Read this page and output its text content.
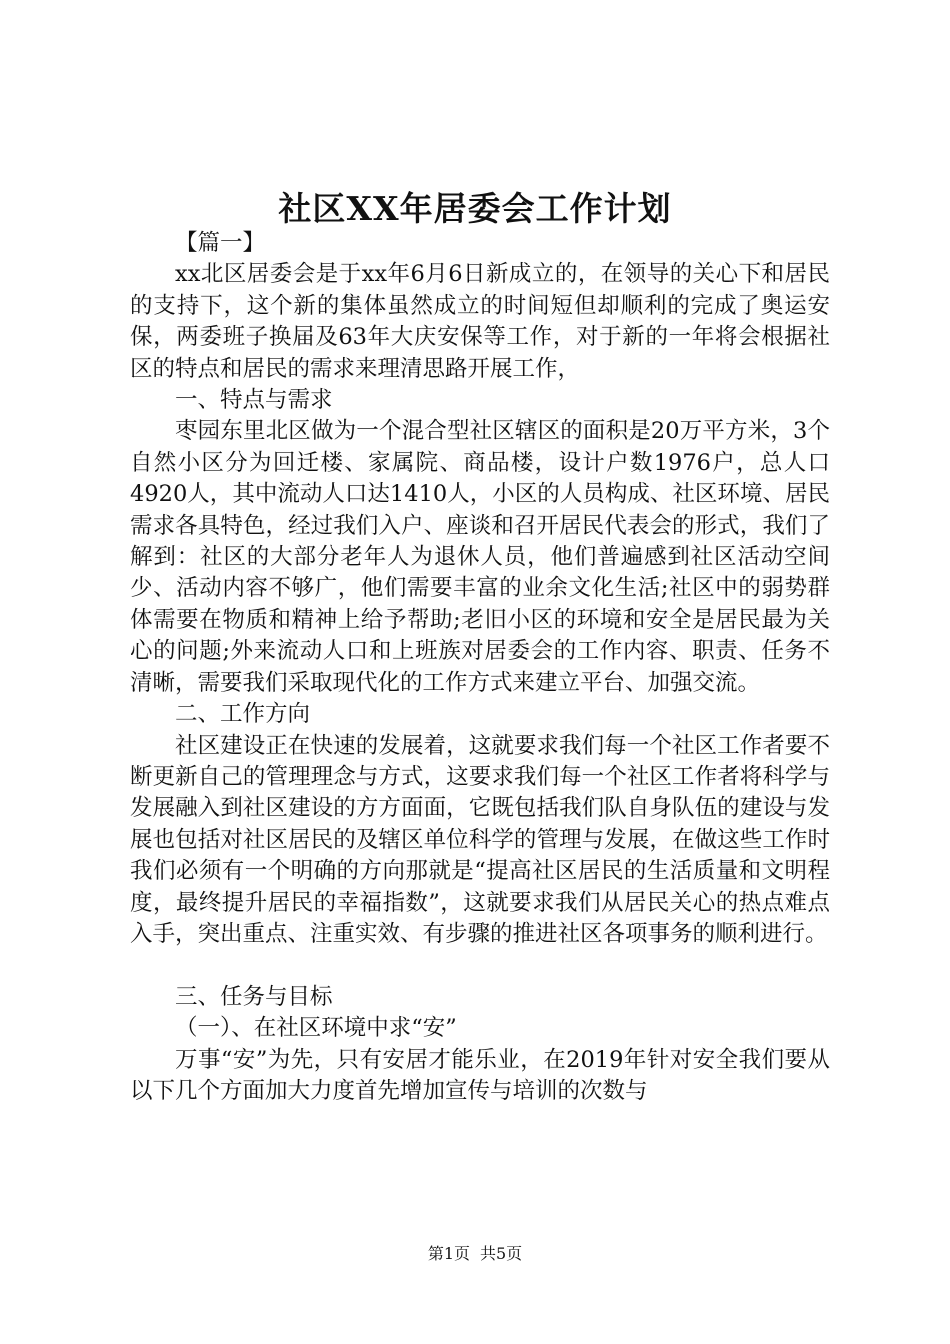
社区XX年居委会工作计划

【篇一】

xx北区居委会是于xx年6月6日新成立的，在领导的关心下和居民的支持下，这个新的集体虽然成立的时间短但却顺利的完成了奥运安保，两委班子换届及63年大庆安保等工作，对于新的一年将会根据社区的特点和居民的需求来理清思路开展工作，

一、特点与需求

枣园东里北区做为一个混合型社区辖区的面积是20万平方米，3个自然小区分为回迁楼、家属院、商品楼，设计户数1976户，总人口4920人，其中流动人口达1410人，小区的人员构成、社区环境、居民需求各具特色，经过我们入户、座谈和召开居民代表会的形式，我们了解到：社区的大部分老年人为退休人员，他们普遍感到社区活动空间少、活动内容不够广，他们需要丰富的业余文化生活;社区中的弱势群体需要在物质和精神上给予帮助;老旧小区的环境和安全是居民最为关心的问题;外来流动人口和上班族对居委会的工作内容、职责、任务不清晰，需要我们采取现代化的工作方式来建立平台、加强交流。

二、工作方向

社区建设正在快速的发展着，这就要求我们每一个社区工作者要不断更新自己的管理理念与方式，这要求我们每一个社区工作者将科学与发展融入到社区建设的方方面面，它既包括我们队自身队伍的建设与发展也包括对社区居民的及辖区单位科学的管理与发展，在做这些工作时我们必须有一个明确的方向那就是“提高社区居民的生活质量和文明程度，最终提升居民的幸福指数”，这就要求我们从居民关心的热点难点入手，突出重点、注重实效、有步骤的推进社区各项事务的顺利进行。

三、任务与目标

（一）、在社区环境中求“安”

万事“安”为先，只有安居才能乐业，在2019年针对安全我们要从以下几个方面加大力度首先增加宣传与培训的次数与

第1页 共5页
